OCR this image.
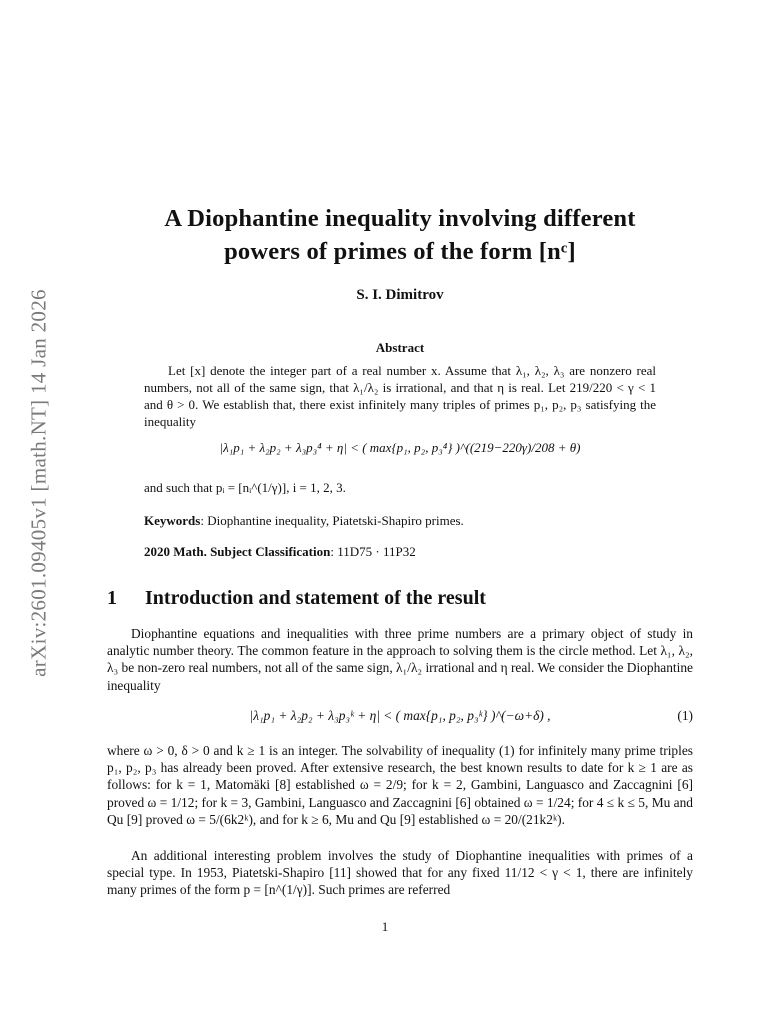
arXiv:2601.09405v1 [math.NT] 14 Jan 2026
A Diophantine inequality involving different
powers of primes of the form [nᶜ]
S. I. Dimitrov
Abstract
Let [x] denote the integer part of a real number x. Assume that λ₁, λ₂, λ₃ are nonzero real numbers, not all of the same sign, that λ₁/λ₂ is irrational, and that η is real. Let 219/220 < γ < 1 and θ > 0. We establish that, there exist infinitely many triples of primes p₁, p₂, p₃ satisfying the inequality
|λ₁p₁ + λ₂p₂ + λ₃p₃⁴ + η| < ( max{p₁, p₂, p₃⁴} )^((219−220γ)/208 + θ)
and such that pᵢ = [nᵢ^(1/γ)], i = 1, 2, 3.
Keywords: Diophantine inequality, Piatetski-Shapiro primes.
2020 Math. Subject Classification: 11D75 · 11P32
1 Introduction and statement of the result
Diophantine equations and inequalities with three prime numbers are a primary object of study in analytic number theory. The common feature in the approach to solving them is the circle method. Let λ₁, λ₂, λ₃ be non-zero real numbers, not all of the same sign, λ₁/λ₂ irrational and η real. We consider the Diophantine inequality
|λ₁p₁ + λ₂p₂ + λ₃p₃ᵏ + η| < ( max{p₁, p₂, p₃ᵏ} )^(−ω+δ) ,	(1)
where ω > 0, δ > 0 and k ≥ 1 is an integer. The solvability of inequality (1) for infinitely many prime triples p₁, p₂, p₃ has already been proved. After extensive research, the best known results to date for k ≥ 1 are as follows: for k = 1, Matomäki [8] established ω = 2/9; for k = 2, Gambini, Languasco and Zaccagnini [6] proved ω = 1/12; for k = 3, Gambini, Languasco and Zaccagnini [6] obtained ω = 1/24; for 4 ≤ k ≤ 5, Mu and Qu [9] proved ω = 5/(6k2ᵏ), and for k ≥ 6, Mu and Qu [9] established ω = 20/(21k2ᵏ).
An additional interesting problem involves the study of Diophantine inequalities with primes of a special type. In 1953, Piatetski-Shapiro [11] showed that for any fixed 11/12 < γ < 1, there are infinitely many primes of the form p = [n^(1/γ)]. Such primes are referred
1
